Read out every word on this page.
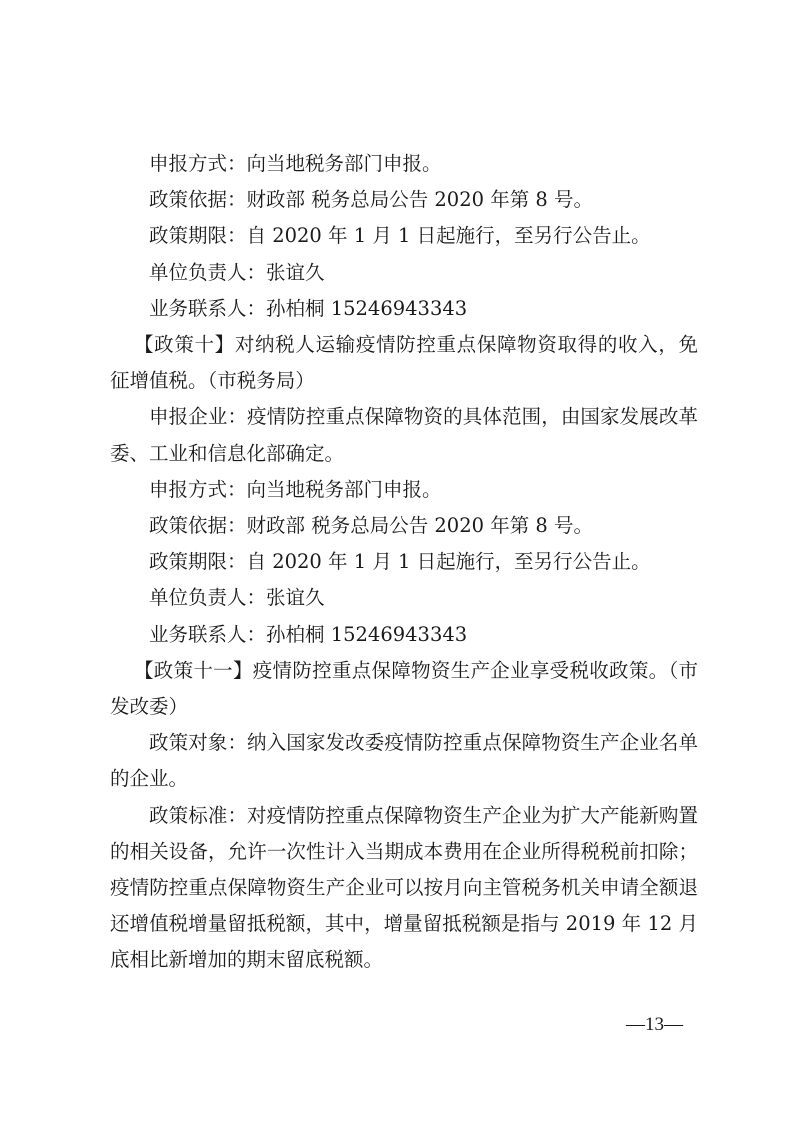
申报方式：向当地税务部门申报。

政策依据：财政部 税务总局公告 2020 年第 8 号。

政策期限：自 2020 年 1 月 1 日起施行，至另行公告止。

单位负责人：张谊久

业务联系人：孙柏桐 15246943343

【政策十】对纳税人运输疫情防控重点保障物资取得的收入，免征增值税。（市税务局）

申报企业：疫情防控重点保障物资的具体范围，由国家发展改革委、工业和信息化部确定。

申报方式：向当地税务部门申报。

政策依据：财政部 税务总局公告 2020 年第 8 号。

政策期限：自 2020 年 1 月 1 日起施行，至另行公告止。

单位负责人：张谊久

业务联系人：孙柏桐 15246943343

【政策十一】疫情防控重点保障物资生产企业享受税收政策。（市发改委）

政策对象：纳入国家发改委疫情防控重点保障物资生产企业名单的企业。

政策标准：对疫情防控重点保障物资生产企业为扩大产能新购置的相关设备，允许一次性计入当期成本费用在企业所得税税前扣除；疫情防控重点保障物资生产企业可以按月向主管税务机关申请全额退还增值税增量留抵税额，其中，增量留抵税额是指与 2019 年 12 月底相比新增加的期末留底税额。

—13—
